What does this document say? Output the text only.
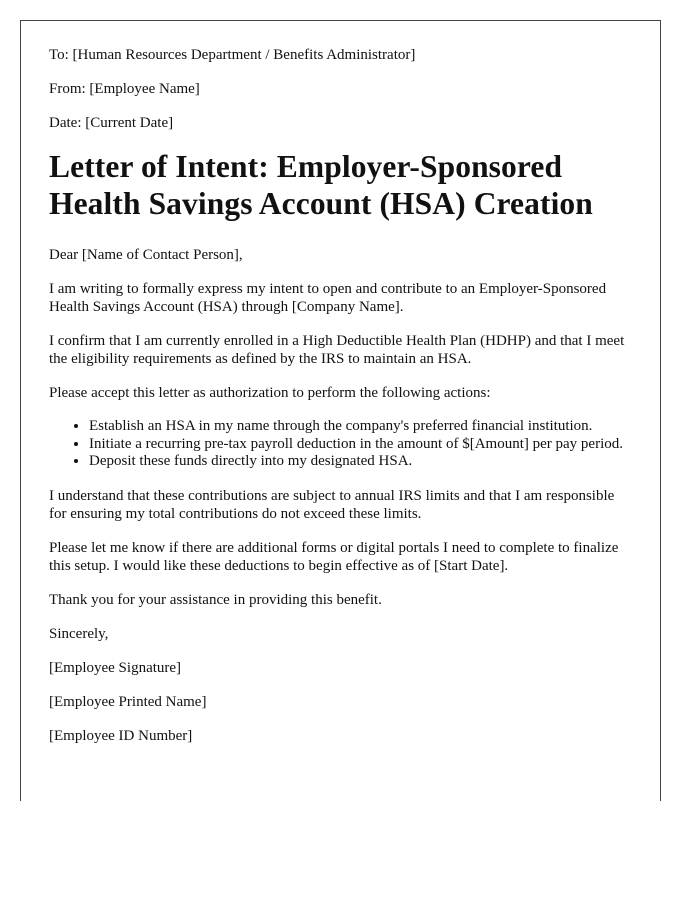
To: [Human Resources Department / Benefits Administrator]
From: [Employee Name]
Date: [Current Date]
Letter of Intent: Employer-Sponsored Health Savings Account (HSA) Creation

Dear [Name of Contact Person],

I am writing to formally express my intent to open and contribute to an Employer-Sponsored Health Savings Account (HSA) through [Company Name].

I confirm that I am currently enrolled in a High Deductible Health Plan (HDHP) and that I meet the eligibility requirements as defined by the IRS to maintain an HSA.

Please accept this letter as authorization to perform the following actions:

• Establish an HSA in my name through the company's preferred financial institution.
• Initiate a recurring pre-tax payroll deduction in the amount of $[Amount] per pay period.
• Deposit these funds directly into my designated HSA.

I understand that these contributions are subject to annual IRS limits and that I am responsible for ensuring my total contributions do not exceed these limits.

Please let me know if there are additional forms or digital portals I need to complete to finalize this setup. I would like these deductions to begin effective as of [Start Date].

Thank you for your assistance in providing this benefit.

Sincerely,
[Employee Signature]
[Employee Printed Name]
[Employee ID Number]
